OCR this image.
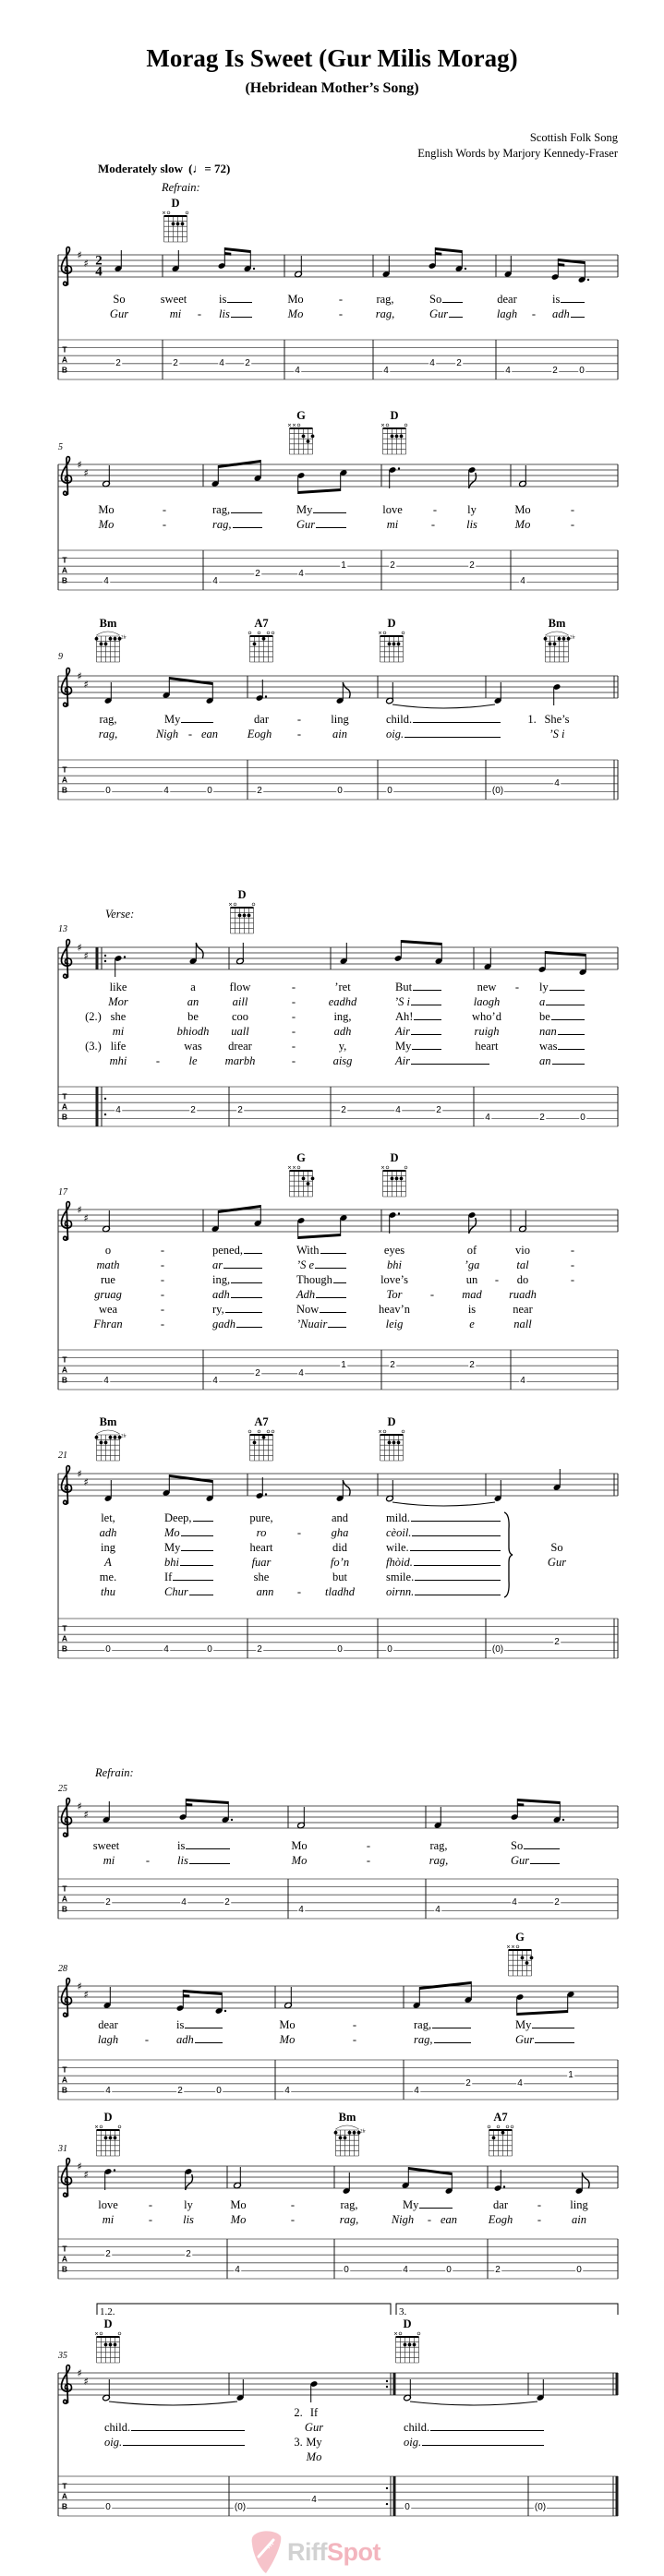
♯
♯ 2
4
T
A
B
♯
♯
T
A
B
♯
♯
T
A
B
2fr	2fr
♯
♯
T
A
B
♯
♯
T
A
B
♯
♯
T
A
B
2fr
♯
♯
T
A
B
♯
♯
T
A
B
♯
♯
T
A
B
2fr
♯
♯
T
A
B
Morag Is Sweet (Gur Milis Morag)
(Hebridean Mother’s Song)
Scottish Folk Song
English Words by Marjory Kennedy-Fraser
Moderately slow (♩= 72)
RiffSpot
D
Refrain:
2	2	4 2
4	4
4 2
4	2 0
So	sweet	is	Mo	-	rag,	So	dear	is
Gur	mi - lis	Mo	-	rag,	Gur	lagh - adh
G	D
5
4	4
2	4
1	2	2
4
Mo	-	rag,	My	love	-	ly	Mo	-
Mo	-	rag,	Gur	mi	-	lis	Mo	-
Bm	A7	D	Bm
9
0	4	0	2	0	0	(0)
4
rag,	My	dar -	ling	child.	1. She’s
rag,	Nigh - ean	Eogh -	ain	oig.	’S i
D
Verse:
13
4	2	2	2	4	2
4	2	0
like	a	flow	-	’ret	But	new - ly
Mor	an	aill	-	eadhd	’S i	laogh	a
(2.) she	be	coo	-	ing,	Ah!	who’d	be
mi	bhiodh uall	-	adh	Air	ruigh	nan
(3.) life	was drear	-	y,	My	heart	was
mhi	-	le marbh	-	aisg	Air	an
G	D
17
4	4
2	4
1	2	2
4
o	-	pened,	With	eyes	of	vio	-
math	-	ar	’S e	bhi	’ga	tal	-
rue	-	ing,	Though	love’s	un - do	-
gruag	-	adh	Adh	Tor - mad ruadh
wea	-	ry,	Now	heav’n	is	near
Fhran	-	gadh	’Nuair	leig	e	nall
Bm	A7	D
21
0	4	0	2	0	0	(0)
2
let,	Deep,	pure,	and	mild.
adh	Mo	ro	-	gha	cèoil.
ing	My	heart	did	wile.	So
A	bhi	fuar	fo’n	fhòid.	Gur
me.	If	she	but	smile.
thu	Chur	ann - tladhd	oirnn.
Refrain:
25
2	4	2
4	4
4	2
sweet	is	Mo	-	rag,	So
mi	- lis	Mo	-	rag,	Gur
G
28
4	2	0	4	4
2	4
1
dear	is	Mo	-	rag,	My
lagh - adh	Mo	-	rag,	Gur
D	Bm	A7
31
2	2
4	0	4	0	2	0
love	-	ly	Mo	-	rag,	My	dar	- ling
mi	-	lis	Mo	-	rag,	Nigh - ean	Eogh -	ain
1.2.	3.
D	D
35
0	(0)
4
0	(0)
2. If
child.	Gur	child.
oig.	3. My	oig.
Mo
